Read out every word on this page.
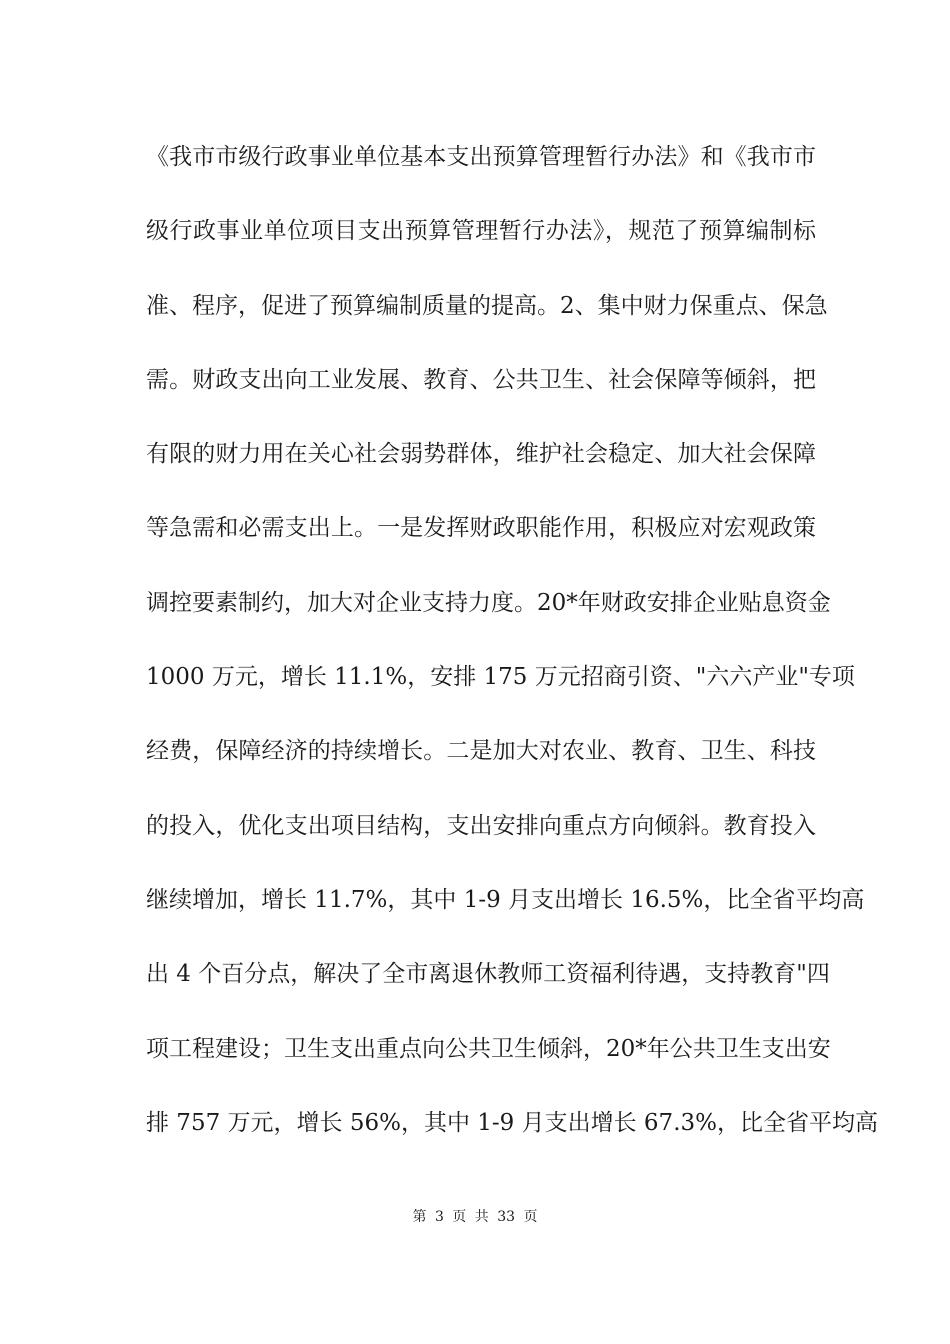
《我市市级行政事业单位基本支出预算管理暂行办法》和《我市市
级行政事业单位项目支出预算管理暂行办法》，规范了预算编制标
准、程序，促进了预算编制质量的提高。2、集中财力保重点、保急
需。财政支出向工业发展、教育、公共卫生、社会保障等倾斜，把
有限的财力用在关心社会弱势群体，维护社会稳定、加大社会保障
等急需和必需支出上。一是发挥财政职能作用，积极应对宏观政策
调控要素制约，加大对企业支持力度。20*年财政安排企业贴息资金
1000 万元，增长 11.1%，安排 175 万元招商引资、"六六产业"专项
经费，保障经济的持续增长。二是加大对农业、教育、卫生、科技
的投入，优化支出项目结构，支出安排向重点方向倾斜。教育投入
继续增加，增长 11.7%，其中 1-9 月支出增长 16.5%，比全省平均高
出 4 个百分点，解决了全市离退休教师工资福利待遇，支持教育"四
项工程建设；卫生支出重点向公共卫生倾斜，20*年公共卫生支出安
排 757 万元，增长 56%，其中 1-9 月支出增长 67.3%，比全省平均高
第 3 页 共 33 页
